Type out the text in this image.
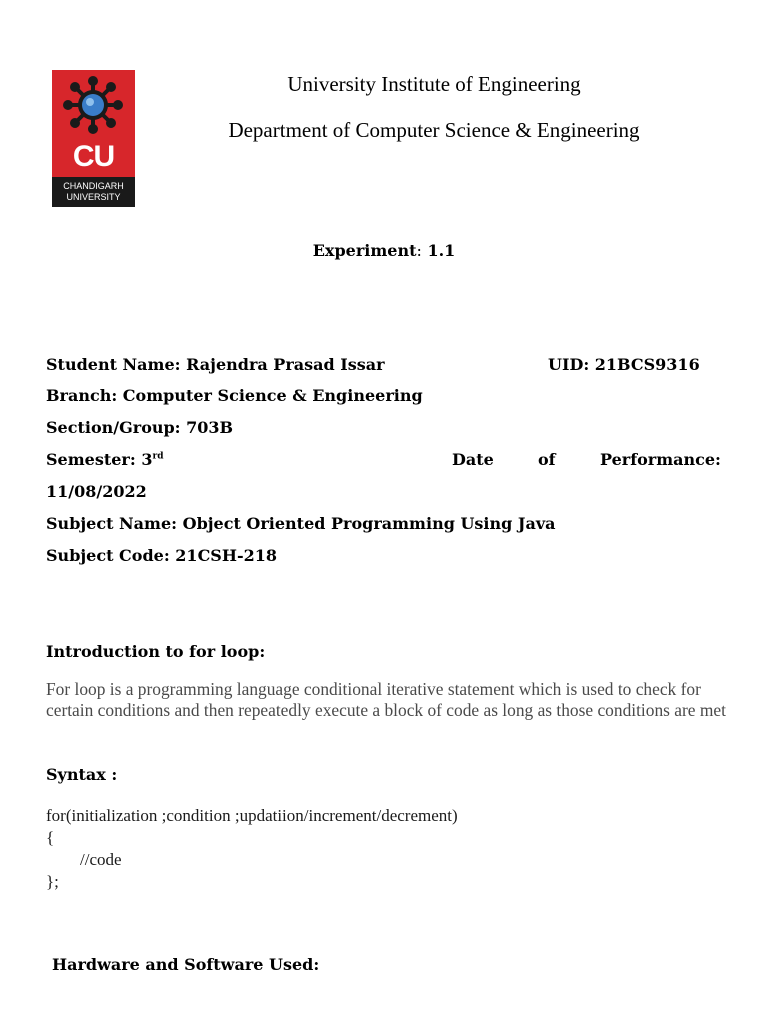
CU
CHANDIGARH
UNIVERSITY
University Institute of Engineering
Department of Computer Science & Engineering
Experiment: 1.1
Student Name: Rajendra Prasad Issar	UID: 21BCS9316
Branch: Computer Science & Engineering
Section/Group: 703B
Semester: 3rd	Date	of	Performance:
11/08/2022
Subject Name: Object Oriented Programming Using Java
Subject Code: 21CSH-218
Introduction to for loop:

For loop is a programming language conditional iterative statement which is used to check for certain conditions and then repeatedly execute a block of code as long as those conditions are met

Syntax :
for(initialization ;condition ;updatiion/increment/decrement)
{
//code
};
Hardware and Software Used:
